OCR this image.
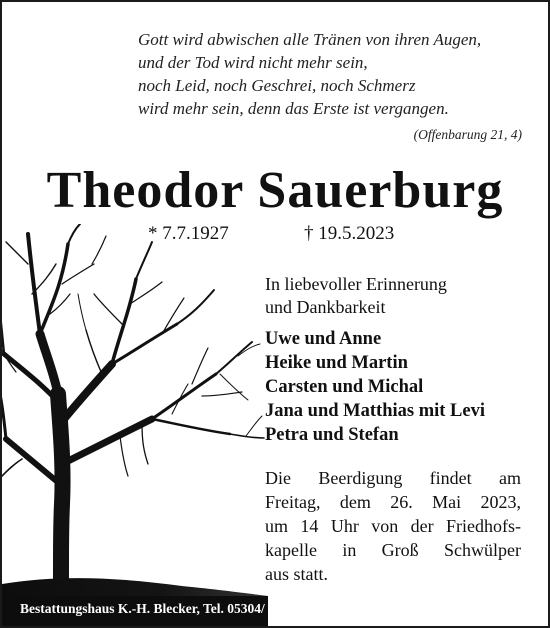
Gott wird abwischen alle Tränen von ihren Augen,
und der Tod wird nicht mehr sein,
noch Leid, noch Geschrei, noch Schmerz
wird mehr sein, denn das Erste ist vergangen.
(Offenbarung 21, 4)
Theodor Sauerburg
* 7.7.1927	† 19.5.2023
In liebevoller Erinnerung
und Dankbarkeit
Uwe und Anne
Heike und Martin
Carsten und Michal
Jana und Matthias mit Levi
Petra und Stefan
Die Beerdigung findet am
Freitag, dem 26. Mai 2023,
um 14 Uhr von der Friedhofs-
kapelle in Groß Schwülper
aus statt.
Bestattungshaus K.-H. Blecker, Tel. 05304/ 76 50
